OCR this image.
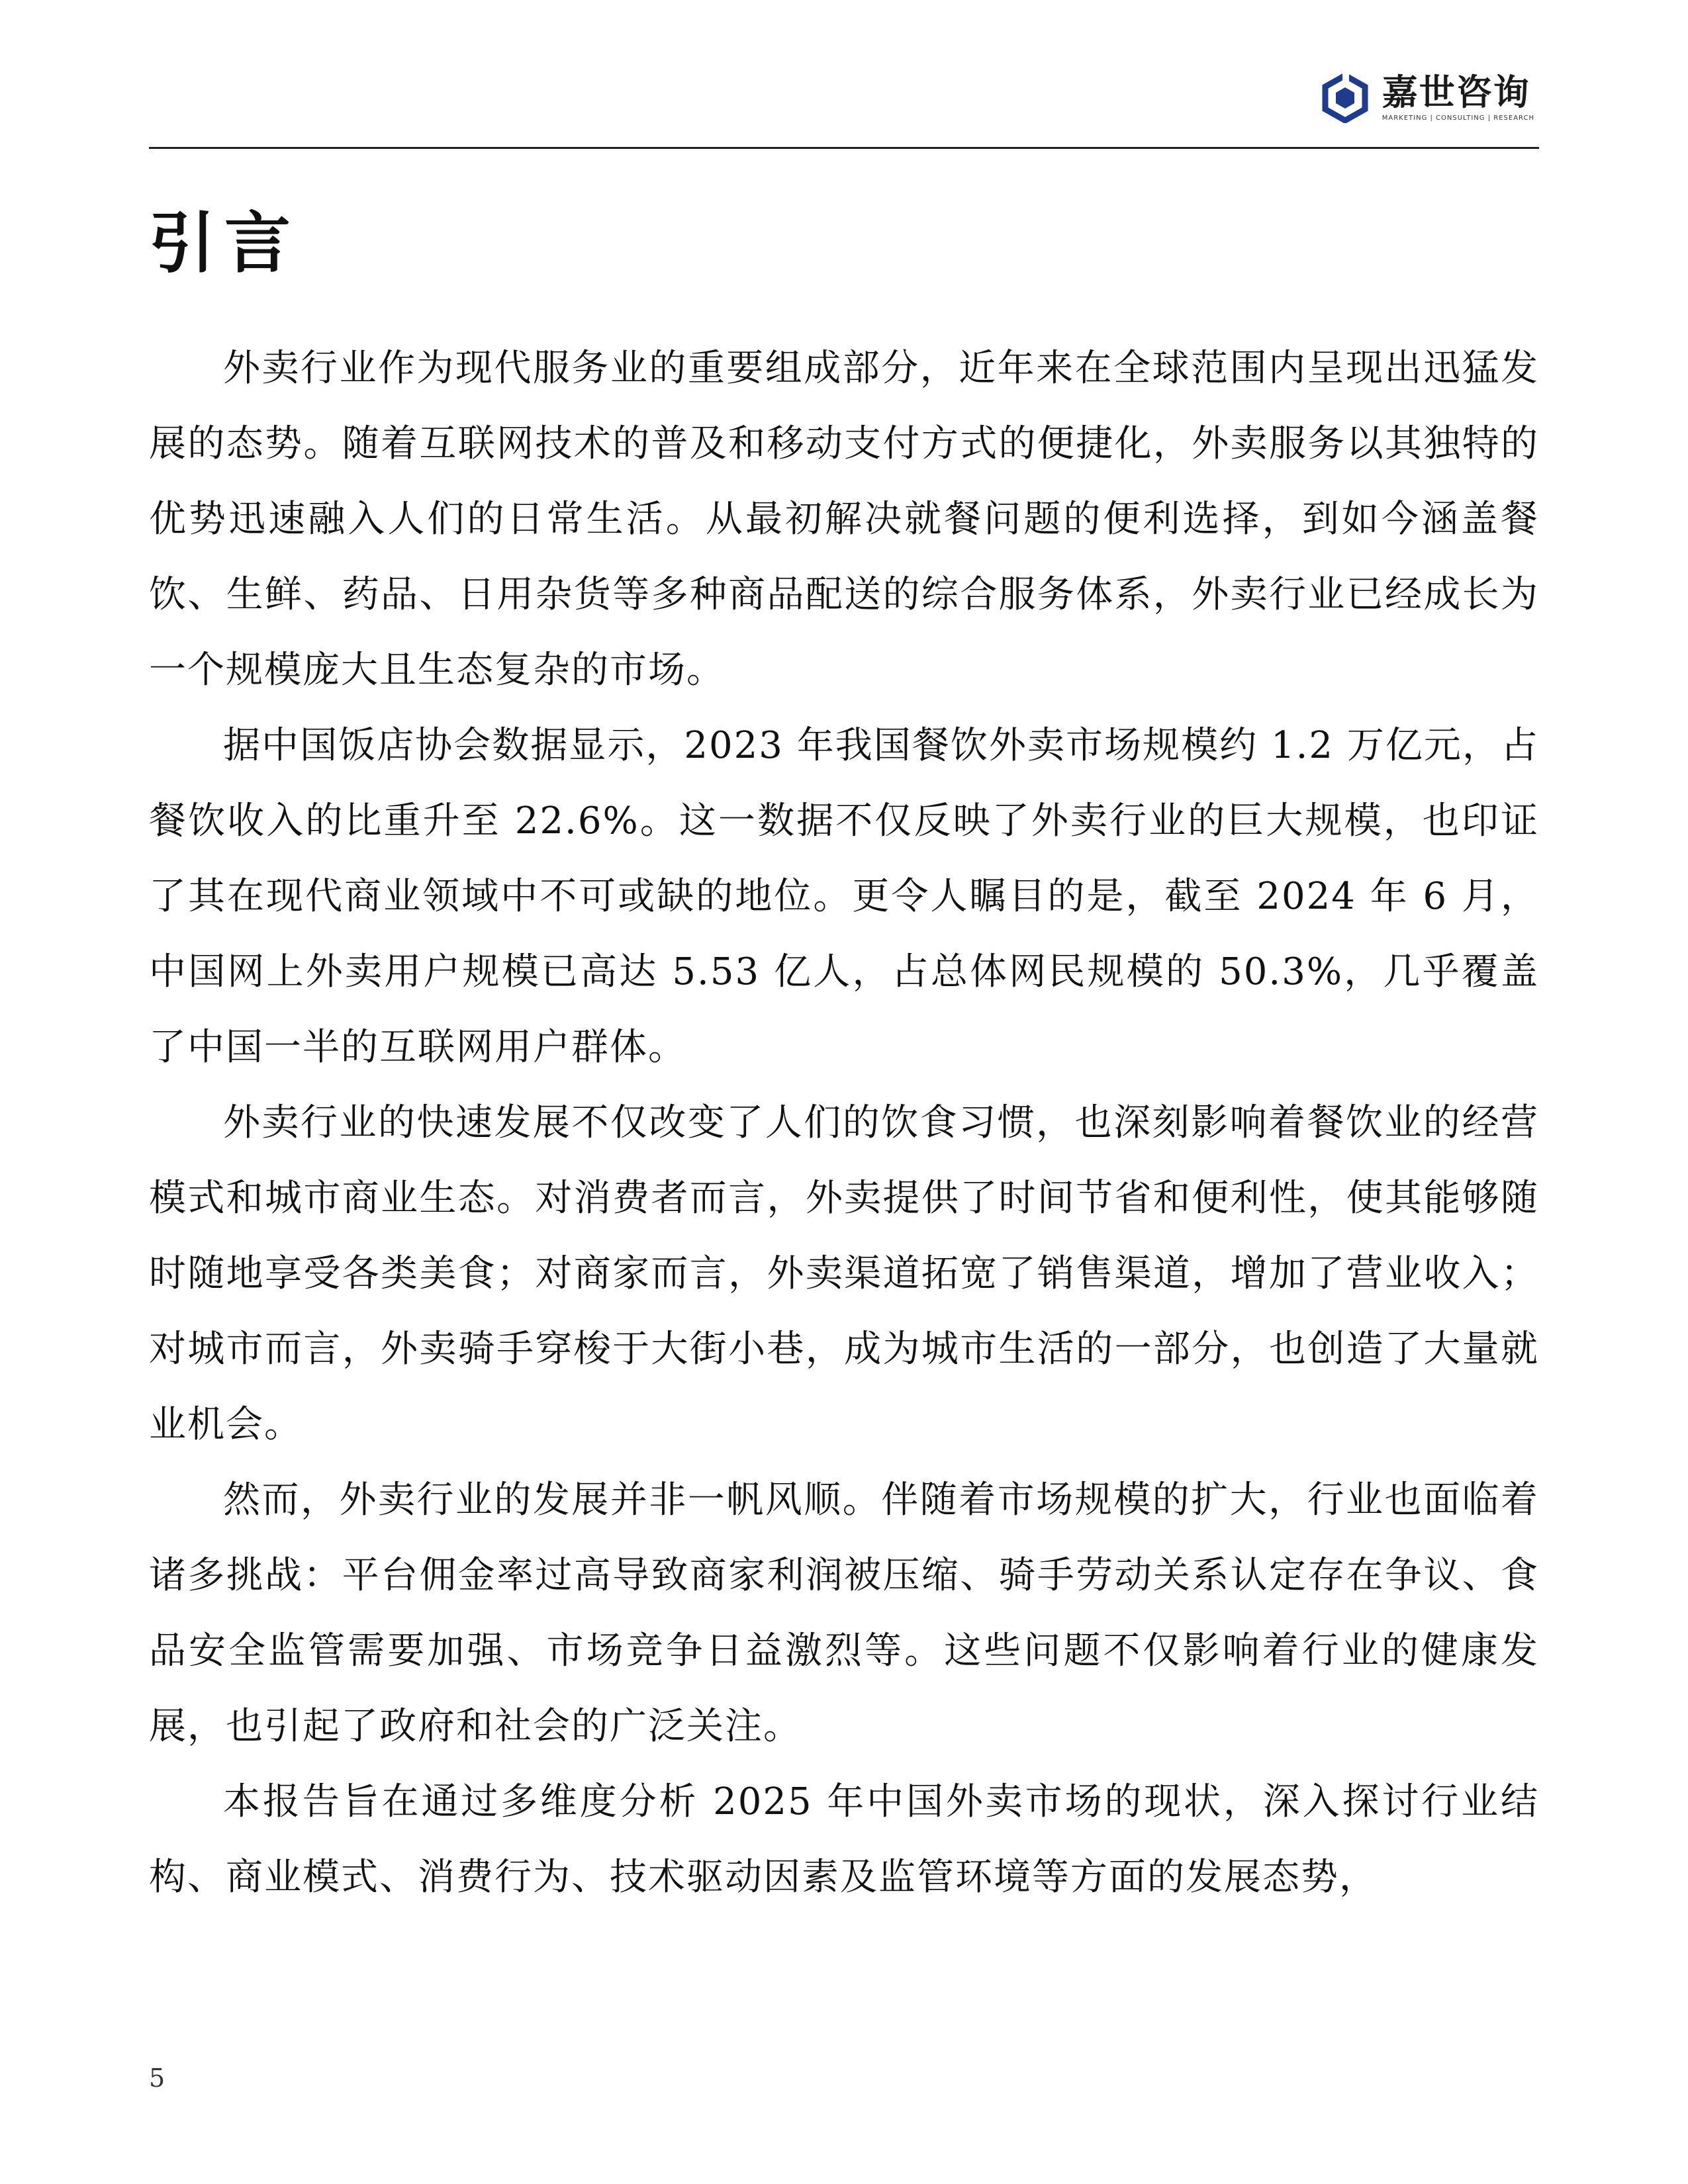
嘉世咨询
MARKETING | CONSULTING | RESEARCH
引言

外卖行业作为现代服务业的重要组成部分，近年来在全球范围内呈现出迅猛发展的态势。随着互联网技术的普及和移动支付方式的便捷化，外卖服务以其独特的优势迅速融入人们的日常生活。从最初解决就餐问题的便利选择，到如今涵盖餐饮、生鲜、药品、日用杂货等多种商品配送的综合服务体系，外卖行业已经成长为一个规模庞大且生态复杂的市场。

据中国饭店协会数据显示，2023 年我国餐饮外卖市场规模约 1.2 万亿元，占餐饮收入的比重升至 22.6%。这一数据不仅反映了外卖行业的巨大规模，也印证了其在现代商业领域中不可或缺的地位。更令人瞩目的是，截至 2024 年 6 月，中国网上外卖用户规模已高达 5.53 亿人，占总体网民规模的 50.3%，几乎覆盖了中国一半的互联网用户群体。

外卖行业的快速发展不仅改变了人们的饮食习惯，也深刻影响着餐饮业的经营模式和城市商业生态。对消费者而言，外卖提供了时间节省和便利性，使其能够随时随地享受各类美食；对商家而言，外卖渠道拓宽了销售渠道，增加了营业收入；对城市而言，外卖骑手穿梭于大街小巷，成为城市生活的一部分，也创造了大量就业机会。

然而，外卖行业的发展并非一帆风顺。伴随着市场规模的扩大，行业也面临着诸多挑战：平台佣金率过高导致商家利润被压缩、骑手劳动关系认定存在争议、食品安全监管需要加强、市场竞争日益激烈等。这些问题不仅影响着行业的健康发展，也引起了政府和社会的广泛关注。

本报告旨在通过多维度分析 2025 年中国外卖市场的现状，深入探讨行业结构、商业模式、消费行为、技术驱动因素及监管环境等方面的发展态势，

5
